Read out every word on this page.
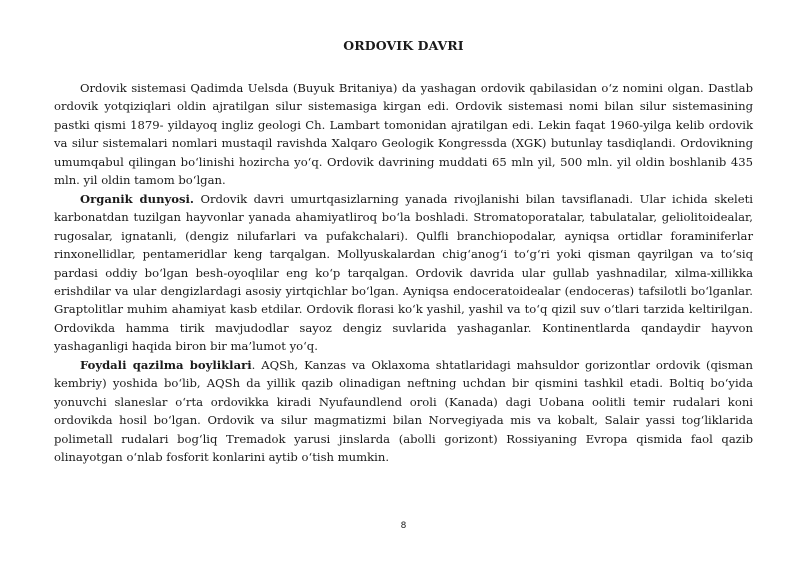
ORDOVIK DAVRI

Ordovik sistemasi Qadimda Uelsda (Buyuk Britaniya) da yashagan ordovik qabilasidan o‘z nomini olgan. Dastlab ordovik yotqiziqlari oldin ajratilgan silur sistemasiga kirgan edi. Ordovik sistemasi nomi bilan silur sistemasining pastki qismi 1879- yildayoq ingliz geologi Ch. Lambart tomonidan ajratilgan edi. Lekin faqat 1960-yilga kelib ordovik va silur sistemalari nomlari mustaqil ravishda Xalqaro Geologik Kongressda (XGK) butunlay tasdiqlandi. Ordovikning umumqabul qilingan bo‘linishi hozircha yo‘q. Ordovik davrining muddati 65 mln yil, 500 mln. yil oldin boshlanib 435 mln. yil oldin tamom bo‘lgan.

Organik dunyosi. Ordovik davri umurtqasizlarning yanada rivojlanishi bilan tavsiflanadi. Ular ichida skeleti karbonatdan tuzilgan hayvonlar yanada ahamiyatliroq bo‘la boshladi. Stromatoporatalar, tabulatalar, geliolitoidealar, rugosalar, ignatanli, (dengiz nilufarlari va pufakchalari). Qulfli branchiopodalar, ayniqsa ortidlar foraminiferlar rinxonellidlar, pentameridlar keng tarqalgan. Mollyuskalardan chig‘anog‘i to‘g‘ri yoki qisman qayrilgan va to‘siq pardasi oddiy bo‘lgan besh-oyoqlilar eng ko‘p tarqalgan. Ordovik davrida ular gullab yashnadilar, xilma-xillikka erishdilar va ular dengizlardagi asosiy yirtqichlar bo‘lgan. Ayniqsa endoceratoidealar (endoceras) tafsilotli bo‘lganlar. Graptolitlar muhim ahamiyat kasb etdilar. Ordovik florasi ko‘k yashil, yashil va to‘q qizil suv o‘tlari tarzida keltirilgan. Ordovikda hamma tirik mavjudodlar sayoz dengiz suvlarida yashaganlar. Kontinentlarda qandaydir hayvon yashaganligi haqida biron bir ma’lumot yo‘q.

Foydali qazilma boyliklari. AQSh, Kanzas va Oklaxoma shtatlaridagi mahsuldor gorizontlar ordovik (qisman kembriy) yoshida bo‘lib, AQSh da yillik qazib olinadigan neftning uchdan bir qismini tashkil etadi. Boltiq bo‘yida yonuvchi slaneslar o‘rta ordovikka kiradi Nyufaundlend oroli (Kanada) dagi Uobana oolitli temir rudalari koni ordovikda hosil bo‘lgan. Ordovik va silur magmatizmi bilan Norvegiyada mis va kobalt, Salair yassi tog‘liklarida polimetall rudalari bog‘liq Tremadok yarusi jinslarda (abolli gorizont) Rossiyaning Evropa qismida faol qazib olinayotgan o‘nlab fosforit konlarini aytib o‘tish mumkin.

8
